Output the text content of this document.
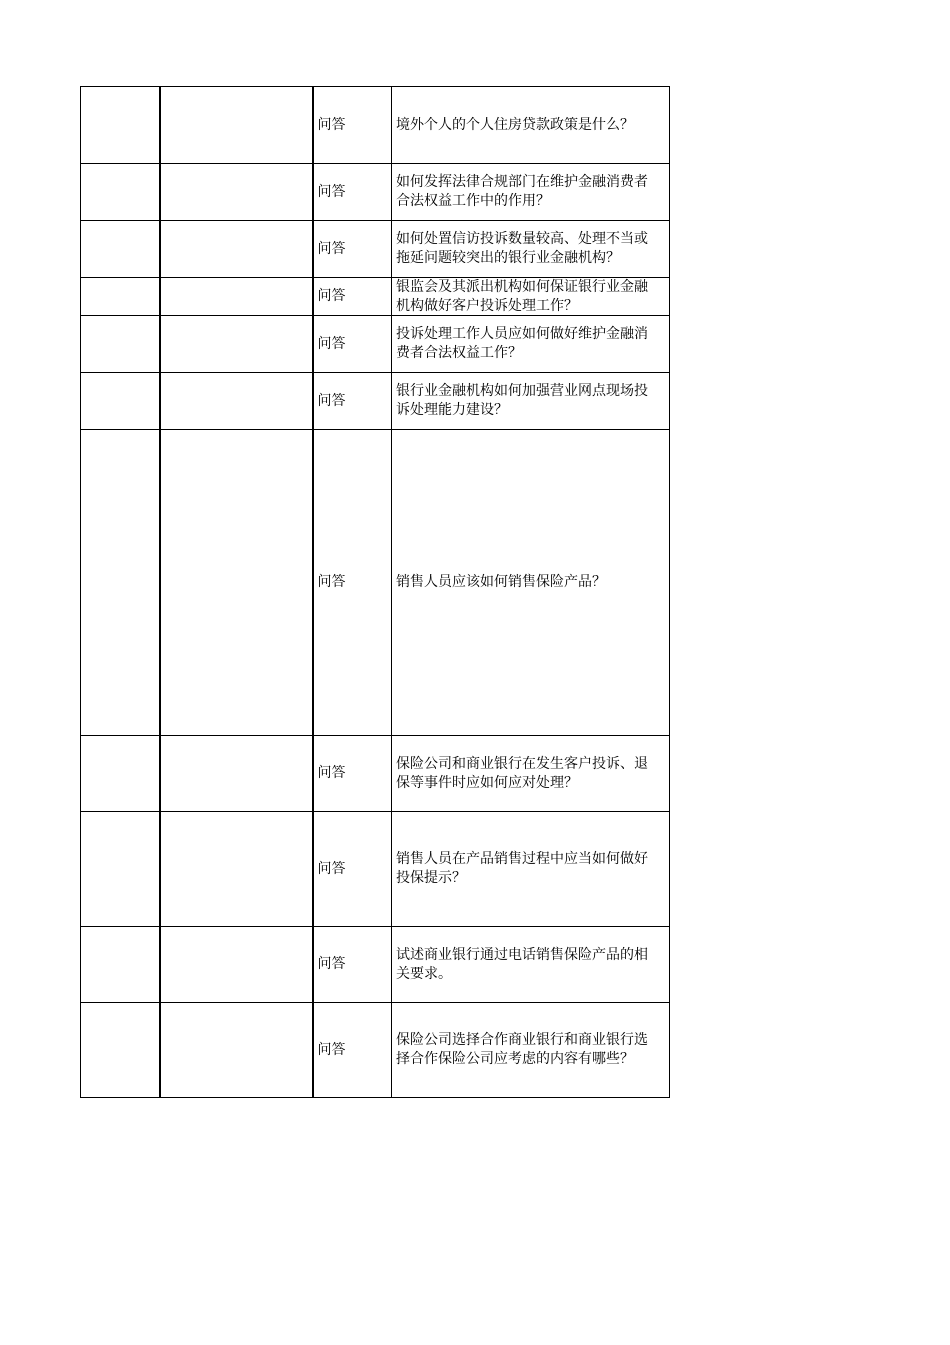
		问答	境外个人的个人住房贷款政策是什么？

		问答	如何发挥法律合规部门在维护金融消费者合法权益工作中的作用？

		问答	如何处置信访投诉数量较高、处理不当或拖延问题较突出的银行业金融机构？

		问答	银监会及其派出机构如何保证银行业金融机构做好客户投诉处理工作？

		问答	投诉处理工作人员应如何做好维护金融消费者合法权益工作？

		问答	银行业金融机构如何加强营业网点现场投诉处理能力建设？

		问答	销售人员应该如何销售保险产品？

		问答	保险公司和商业银行在发生客户投诉、退保等事件时应如何应对处理？

		问答	销售人员在产品销售过程中应当如何做好投保提示？

		问答	试述商业银行通过电话销售保险产品的相关要求。

		问答	保险公司选择合作商业银行和商业银行选择合作保险公司应考虑的内容有哪些？
